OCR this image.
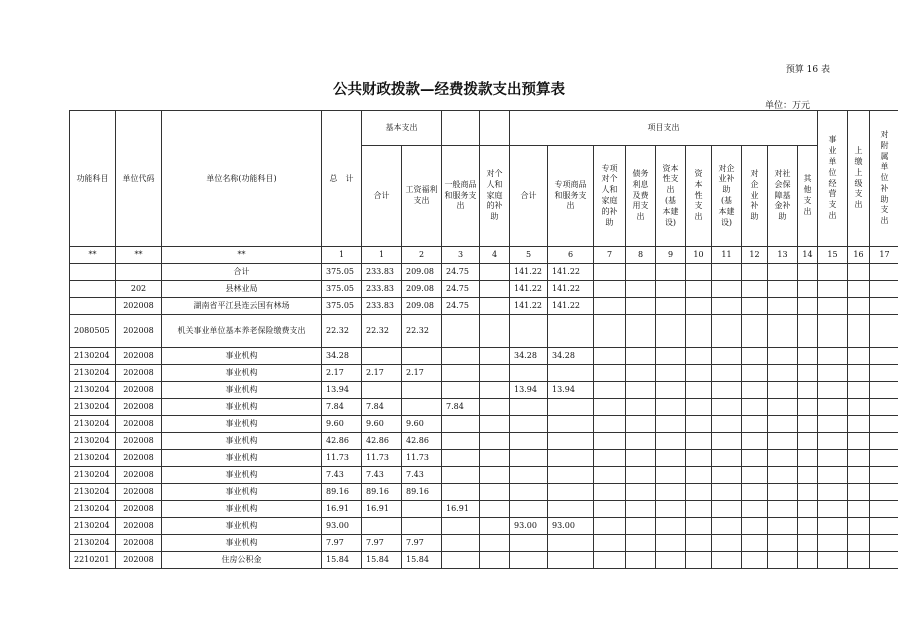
预算 16 表
公共财政拨款—经费拨款支出预算表
单位：万元
功能科目	单位代码	单位名称(功能科目)	总　计	基本支出				项目支出										事业单位经营支出	上缴上级支出	对附属单位补助支出
				合计	工资福利支出	一般商品和服务支出	对个人和家庭的补助	合计	专项商品和服务支出	专项对个人和家庭的补助	债务利息及费用支出	资本性支出(基本建设)	资本性支出	对企业补助(基本建设)	对企业补助	对社会保障基金补助	其他支出			
**	**	**	1	1	2	3	4	5	6	7	8	9	10	11	12	13	14	15	16	17
		合计	375.05	233.83	209.08	24.75		141.22	141.22											
	202	县林业局	375.05	233.83	209.08	24.75		141.22	141.22											
	202008	湖南省平江县连云国有林场	375.05	233.83	209.08	24.75		141.22	141.22											
2080505	202008	机关事业单位基本养老保险缴费支出	22.32	22.32	22.32															
2130204	202008	事业机构	34.28					34.28	34.28											
2130204	202008	事业机构	2.17	2.17	2.17															
2130204	202008	事业机构	13.94					13.94	13.94											
2130204	202008	事业机构	7.84	7.84		7.84														
2130204	202008	事业机构	9.60	9.60	9.60															
2130204	202008	事业机构	42.86	42.86	42.86															
2130204	202008	事业机构	11.73	11.73	11.73															
2130204	202008	事业机构	7.43	7.43	7.43															
2130204	202008	事业机构	89.16	89.16	89.16															
2130204	202008	事业机构	16.91	16.91		16.91														
2130204	202008	事业机构	93.00					93.00	93.00											
2130204	202008	事业机构	7.97	7.97	7.97															
2210201	202008	住房公积金	15.84	15.84	15.84															
